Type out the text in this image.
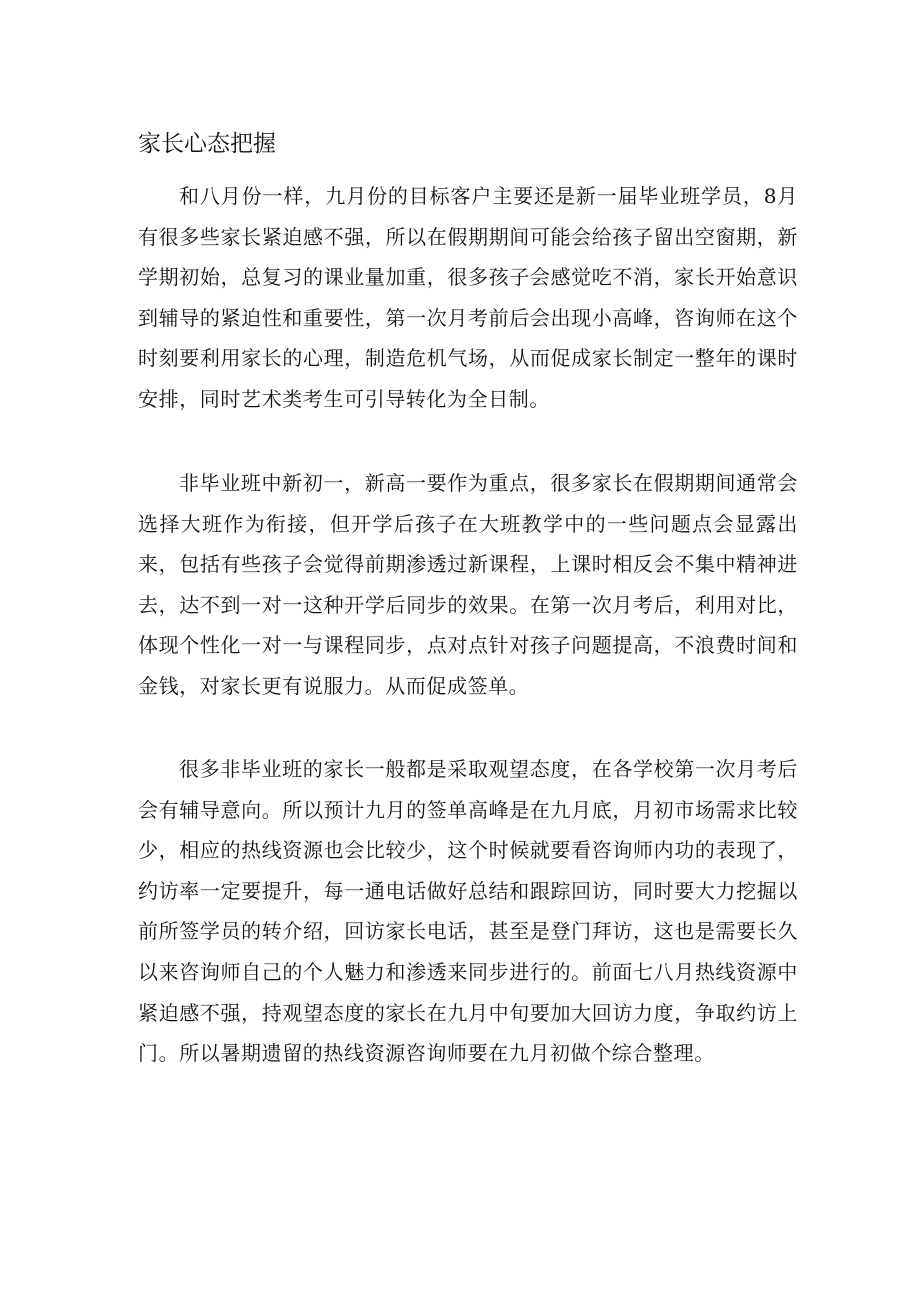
家长心态把握

和八月份一样，九月份的目标客户主要还是新一届毕业班学员，8月有很多些家长紧迫感不强，所以在假期期间可能会给孩子留出空窗期，新学期初始，总复习的课业量加重，很多孩子会感觉吃不消，家长开始意识到辅导的紧迫性和重要性，第一次月考前后会出现小高峰，咨询师在这个时刻要利用家长的心理，制造危机气场，从而促成家长制定一整年的课时安排，同时艺术类考生可引导转化为全日制。

非毕业班中新初一，新高一要作为重点，很多家长在假期期间通常会选择大班作为衔接，但开学后孩子在大班教学中的一些问题点会显露出来，包括有些孩子会觉得前期渗透过新课程，上课时相反会不集中精神进去，达不到一对一这种开学后同步的效果。在第一次月考后，利用对比，体现个性化一对一与课程同步，点对点针对孩子问题提高，不浪费时间和金钱，对家长更有说服力。从而促成签单。

很多非毕业班的家长一般都是采取观望态度，在各学校第一次月考后会有辅导意向。所以预计九月的签单高峰是在九月底，月初市场需求比较少，相应的热线资源也会比较少，这个时候就要看咨询师内功的表现了，约访率一定要提升，每一通电话做好总结和跟踪回访，同时要大力挖掘以前所签学员的转介绍，回访家长电话，甚至是登门拜访，这也是需要长久以来咨询师自己的个人魅力和渗透来同步进行的。前面七八月热线资源中紧迫感不强，持观望态度的家长在九月中旬要加大回访力度，争取约访上门。所以暑期遗留的热线资源咨询师要在九月初做个综合整理。
